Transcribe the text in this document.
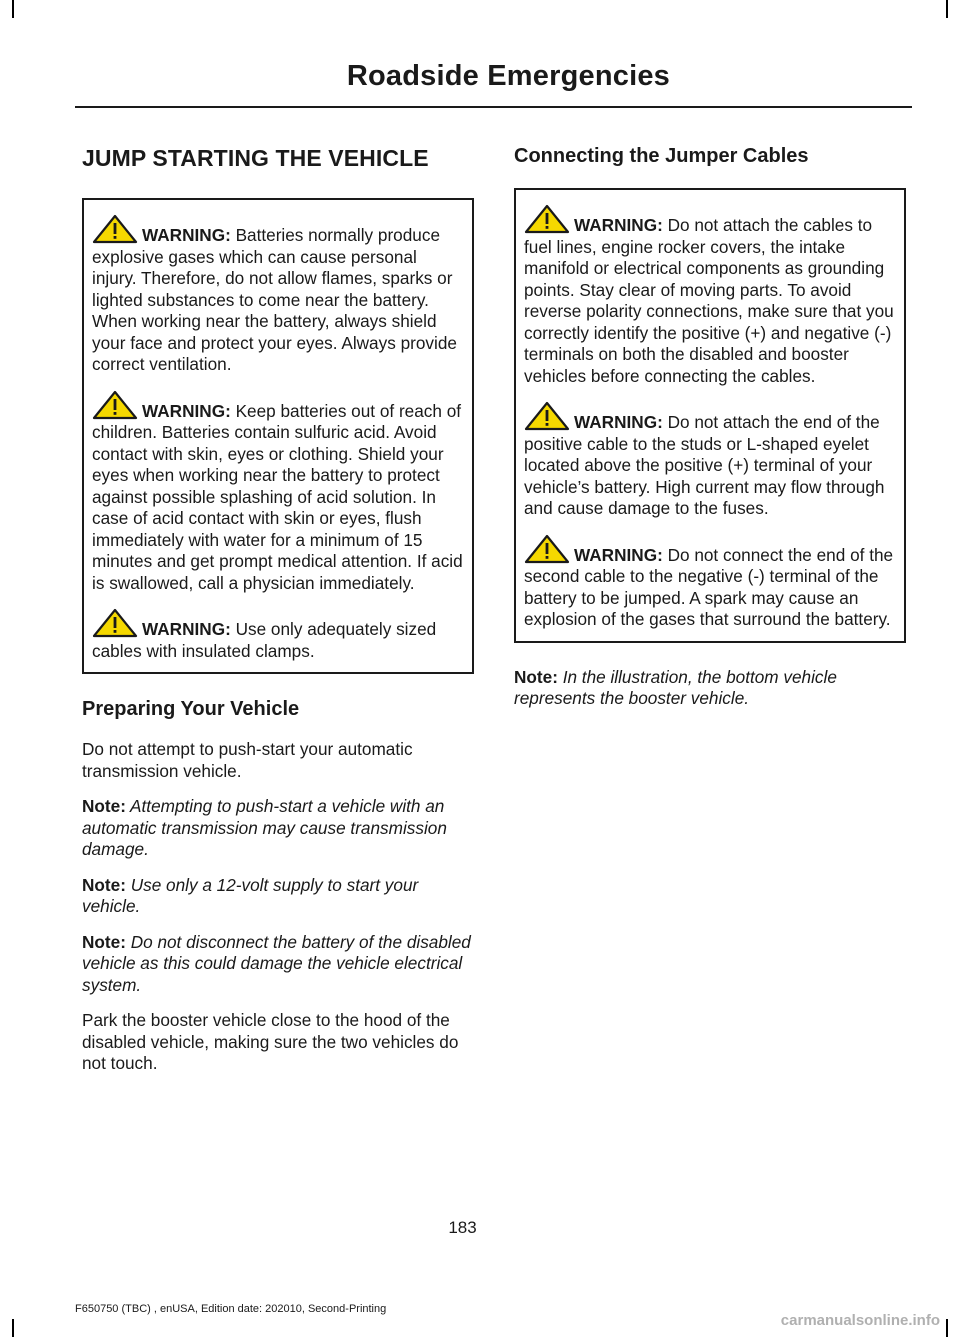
Roadside Emergencies
JUMP STARTING THE VEHICLE

WARNING: Batteries normally produce explosive gases which can cause personal injury. Therefore, do not allow flames, sparks or lighted substances to come near the battery. When working near the battery, always shield your face and protect your eyes. Always provide correct ventilation.

WARNING: Keep batteries out of reach of children. Batteries contain sulfuric acid. Avoid contact with skin, eyes or clothing. Shield your eyes when working near the battery to protect against possible splashing of acid solution. In case of acid contact with skin or eyes, flush immediately with water for a minimum of 15 minutes and get prompt medical attention. If acid is swallowed, call a physician immediately.

WARNING: Use only adequately sized cables with insulated clamps.

Preparing Your Vehicle

Do not attempt to push-start your automatic transmission vehicle.

Note: Attempting to push-start a vehicle with an automatic transmission may cause transmission damage.

Note: Use only a 12-volt supply to start your vehicle.

Note: Do not disconnect the battery of the disabled vehicle as this could damage the vehicle electrical system.

Park the booster vehicle close to the hood of the disabled vehicle, making sure the two vehicles do not touch.

Connecting the Jumper Cables

WARNING: Do not attach the cables to fuel lines, engine rocker covers, the intake manifold or electrical components as grounding points. Stay clear of moving parts. To avoid reverse polarity connections, make sure that you correctly identify the positive (+) and negative (-) terminals on both the disabled and booster vehicles before connecting the cables.

WARNING: Do not attach the end of the positive cable to the studs or L-shaped eyelet located above the positive (+) terminal of your vehicle’s battery. High current may flow through and cause damage to the fuses.

WARNING: Do not connect the end of the second cable to the negative (-) terminal of the battery to be jumped. A spark may cause an explosion of the gases that surround the battery.

Note: In the illustration, the bottom vehicle represents the booster vehicle.

183
F650750 (TBC) , enUSA, Edition date: 202010, Second-Printing
carmanualsonline.info
